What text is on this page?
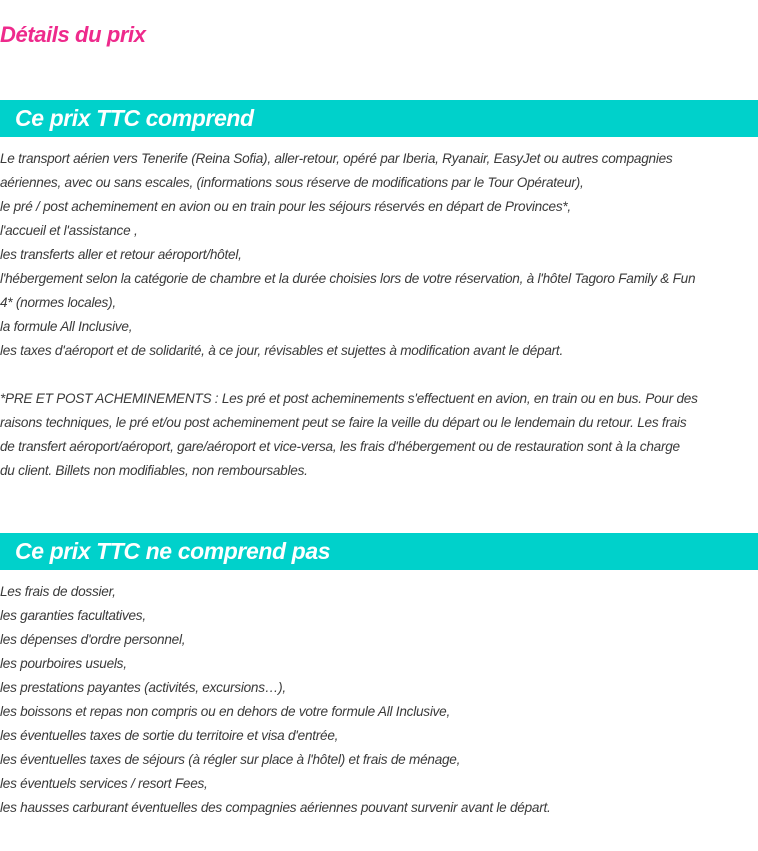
Détails du prix
Ce prix TTC comprend
Le transport aérien vers Tenerife (Reina Sofia), aller-retour, opéré par Iberia, Ryanair, EasyJet ou autres compagnies
aériennes, avec ou sans escales, (informations sous réserve de modifications par le Tour Opérateur),
le pré / post acheminement en avion ou en train pour les séjours réservés en départ de Provinces*,
l'accueil et l'assistance ,
les transferts aller et retour aéroport/hôtel,
l'hébergement selon la catégorie de chambre et la durée choisies lors de votre réservation, à l'hôtel Tagoro Family & Fun
4* (normes locales),
la formule All Inclusive,
les taxes d'aéroport et de solidarité, à ce jour, révisables et sujettes à modification avant le départ.
*PRE ET POST ACHEMINEMENTS : Les pré et post acheminements s'effectuent en avion, en train ou en bus. Pour des
raisons techniques, le pré et/ou post acheminement peut se faire la veille du départ ou le lendemain du retour. Les frais
de transfert aéroport/aéroport, gare/aéroport et vice-versa, les frais d'hébergement ou de restauration sont à la charge
du client. Billets non modifiables, non remboursables.
Ce prix TTC ne comprend pas
Les frais de dossier,
les garanties facultatives,
les dépenses d'ordre personnel,
les pourboires usuels,
les prestations payantes (activités, excursions…),
les boissons et repas non compris ou en dehors de votre formule All Inclusive,
les éventuelles taxes de sortie du territoire et visa d'entrée,
les éventuelles taxes de séjours (à régler sur place à l'hôtel) et frais de ménage,
les éventuels services / resort Fees,
les hausses carburant éventuelles des compagnies aériennes pouvant survenir avant le départ.
